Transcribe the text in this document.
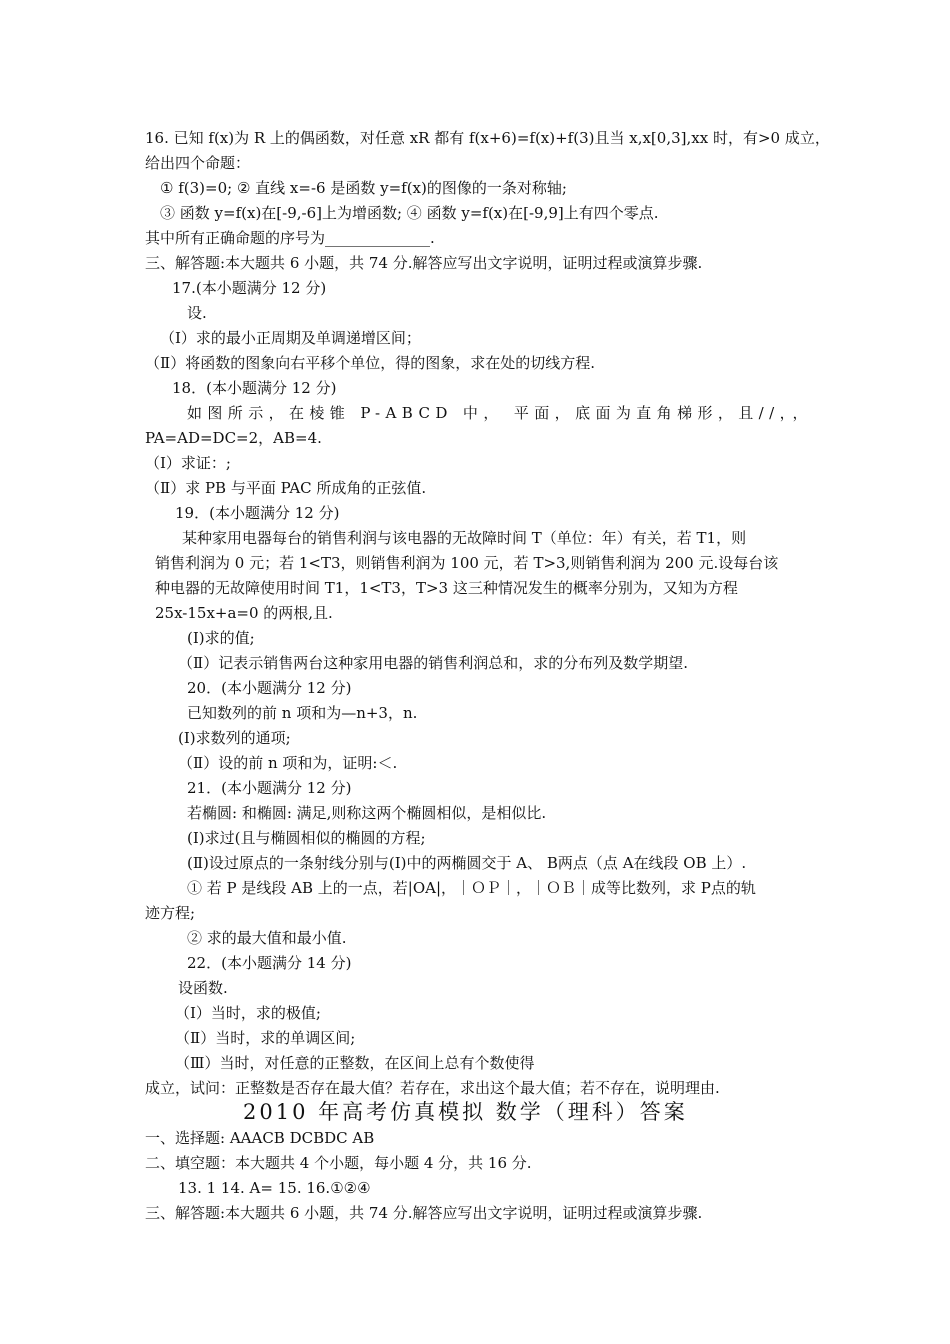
16. 已知 f(x)为 R 上的偶函数，对任意 xR 都有 f(x+6)=f(x)+f(3)且当 x,x[0,3],xx 时，有>0 成立，
给出四个命题：
① f(3)=0; ② 直线 x=-6 是函数 y=f(x)的图像的一条对称轴;
③ 函数 y=f(x)在[-9,-6]上为增函数; ④ 函数 y=f(x)在[-9,9]上有四个零点.
其中所有正确命题的序号为______________.
三、解答题:本大题共 6 小题，共 74 分.解答应写出文字说明，证明过程或演算步骤.
17.(本小题满分 12 分)
设.
（Ⅰ）求的最小正周期及单调递增区间；
（Ⅱ）将函数的图象向右平移个单位，得的图象，求在处的切线方程.
18．(本小题满分 12 分)
如图所示，在棱锥 P-ABCD 中， 平面，底面为直角梯形，且//，，
PA=AD=DC=2，AB=4.
（Ⅰ）求证：;
（Ⅱ）求 PB 与平面 PAC 所成角的正弦值.
19．(本小题满分 12 分)
某种家用电器每台的销售利润与该电器的无故障时间 T（单位：年）有关，若 T1，则
销售利润为 0 元；若 1<T3，则销售利润为 100 元，若 T>3,则销售利润为 200 元.设每台该
种电器的无故障使用时间 T1，1<T3，T>3 这三种情况发生的概率分别为，又知为方程
25x-15x+a=0 的两根,且.
(I)求的值;
（Ⅱ）记表示销售两台这种家用电器的销售利润总和，求的分布列及数学期望.
20．(本小题满分 12 分)
已知数列的前 n 项和为—n+3，n.
(I)求数列的通项;
（Ⅱ）设的前 n 项和为，证明:＜.
21．(本小题满分 12 分)
若椭圆: 和椭圆: 满足,则称这两个椭圆相似，是相似比.
(I)求过(且与椭圆相似的椭圆的方程;
(Ⅱ)设过原点的一条射线分别与(I)中的两椭圆交于 A、 B两点（点 A在线段 OB 上）.
① 若 P 是线段 AB 上的一点，若|OA|，｜ＯＰ｜，｜ＯＢ｜成等比数列，求 P点的轨
迹方程;
② 求的最大值和最小值.
22．(本小题满分 14 分)
设函数.
（Ⅰ）当时，求的极值;
（Ⅱ）当时，求的单调区间;
（Ⅲ）当时，对任意的正整数，在区间上总有个数使得
成立，试问：正整数是否存在最大值？若存在，求出这个最大值；若不存在，说明理由.
2010 年高考仿真模拟 数学（理科）答案
一、选择题: AAACB DCBDC AB
二、填空题：本大题共 4 个小题，每小题 4 分，共 16 分.
13. 1 14. A= 15. 16.①②④
三、解答题:本大题共 6 小题，共 74 分.解答应写出文字说明，证明过程或演算步骤.
